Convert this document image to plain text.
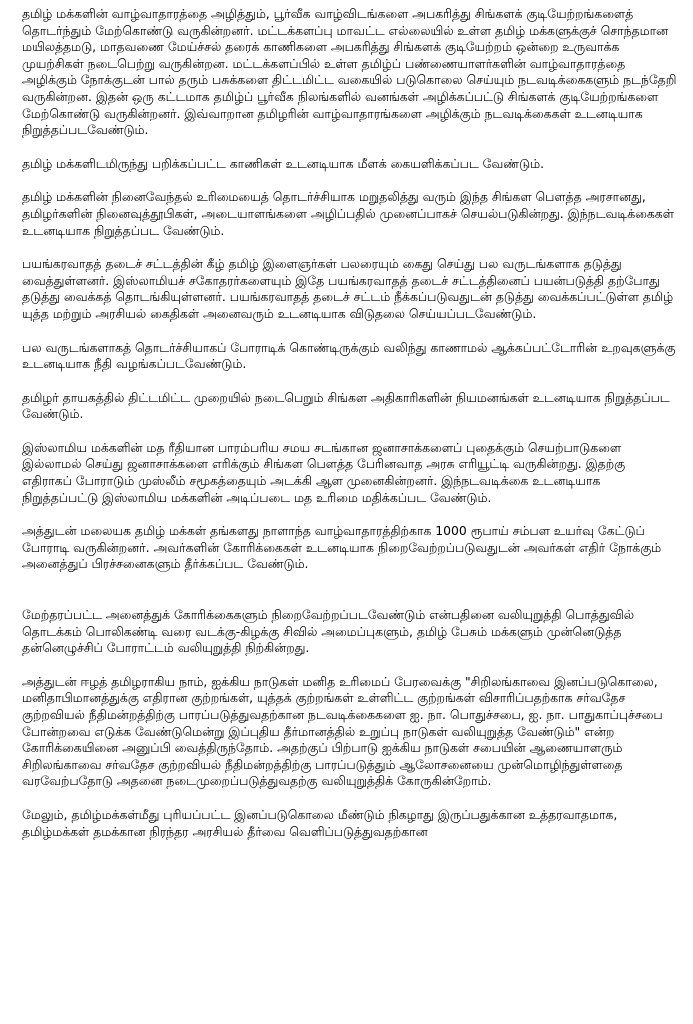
தமிழ் மக்களின் வாழ்வாதாரத்தை அழித்தும், பூர்வீக வாழ்விடங்களை அபகரித்து சிங்களக் குடியேற்றங்களைத் தொடர்ந்தும் மேற்கொண்டு வருகின்றனர். மட்டக்களப்பு மாவட்ட எல்லையில் உள்ள தமிழ் மக்களுக்குச் சொந்தமான மயிலத்தமடு, மாதவணை மேய்ச்சல் தரைக் காணிகளை அபகரித்து சிங்களக் குடியேற்றம் ஒன்றை உருவாக்க முயற்சிகள் நடைபெற்று வருகின்றன. மட்டக்களப்பில் உள்ள தமிழ்ப் பண்ணையாளர்களின் வாழ்வாதாரத்தை அழிக்கும் நோக்குடன் பால் தரும் பசுக்களை திட்டமிட்ட வகையில் படுகொலை செய்யும் நடவடிக்கைகளும் நடந்தேறி வருகின்றன. இதன் ஒரு கட்டமாக தமிழ்ப் பூர்வீக நிலங்களில் வனங்கள் அழிக்கப்பட்டு சிங்களக் குடியேற்றங்களை மேற்கொண்டு வருகின்றனர். இவ்வாறான தமிழரின் வாழ்வாதாரங்களை அழிக்கும் நடவடிக்கைகள் உடனடியாக நிறுத்தப்படவேண்டும்.

தமிழ் மக்களிடமிருந்து பறிக்கப்பட்ட காணிகள் உடனடியாக மீளக் கையளிக்கப்பட வேண்டும்.

தமிழ் மக்களின் நினைவேந்தல் உரிமையைத் தொடர்ச்சியாக மறுதலித்து வரும் இந்த சிங்கள பௌத்த அரசானது, தமிழர்களின் நினைவுத்தூபிகள், அடையாளங்களை அழிப்பதில் முனைப்பாகச் செயல்படுகின்றது. இந்நடவடிக்கைகள் உடனடியாக நிறுத்தப்பட வேண்டும்.

பயங்கரவாதத் தடைச் சட்டத்தின் கீழ் தமிழ் இளைஞர்கள் பலரையும் கைது செய்து பல வருடங்களாக தடுத்து வைத்துள்ளனர். இஸ்லாமியச் சகோதரர்களையும் இதே பயங்கரவாதத் தடைச் சட்டத்தினைப் பயன்படுத்தி தற்போது தடுத்து வைக்கத் தொடங்கியுள்ளனர். பயங்கரவாதத் தடைச் சட்டம் நீக்கப்படுவதுடன் தடுத்து வைக்கப்பட்டுள்ள தமிழ் யுத்த மற்றும் அரசியல் கைதிகள் அனைவரும் உடனடியாக விடுதலை செய்யப்படவேண்டும்.

பல வருடங்களாகத் தொடர்ச்சியாகப் போராடிக் கொண்டிருக்கும் வலிந்து காணாமல் ஆக்கப்பட்டோரின் உறவுகளுக்கு உடனடியாக நீதி வழங்கப்படவேண்டும்.

தமிழர் தாயகத்தில் திட்டமிட்ட முறையில் நடைபெறும் சிங்கள அதிகாரிகளின் நியமனங்கள் உடனடியாக நிறுத்தப்பட வேண்டும்.

இஸ்லாமிய மக்களின் மத ரீதியான பாரம்பரிய சமய சடங்கான ஜனாசாக்களைப் புதைக்கும் செயற்பாடுகளை இல்லாமல் செய்து ஜனாசாக்களை எரிக்கும் சிங்கள பௌத்த பேரினவாத அரசு எரியூட்டி வருகின்றது. இதற்கு எதிராகப் போராடும் முஸ்லீம் சமூகத்தையும் அடக்கி ஆள முனைகின்றனர். இந்நடவடிக்கை உடனடியாக நிறுத்தப்பட்டு இஸ்லாமிய மக்களின் அடிப்படை மத உரிமை மதிக்கப்பட வேண்டும்.

அத்துடன் மலையக தமிழ் மக்கள் தங்களது நாளாந்த வாழ்வாதாரத்திற்காக 1000 ரூபாய் சம்பள உயர்வு கேட்டுப் போராடி வருகின்றனர். அவர்களின் கோரிக்கைகள் உடனடியாக நிறைவேற்றப்படுவதுடன் அவர்கள் எதிர் நோக்கும் அனைத்துப் பிரச்சனைகளும் தீர்க்கப்பட வேண்டும்.

மேற்தரப்பட்ட அனைத்துக் கோரிக்கைகளும் நிறைவேற்றப்படவேண்டும் என்பதினை வலியுறுத்தி பொத்துவில் தொடக்கம் பொலிகண்டி வரை வடக்கு-கிழக்கு சிவில் அமைப்புகளும், தமிழ் பேசும் மக்களும் முன்னெடுத்த தன்னெழுச்சிப் போராட்டம் வலியுறுத்தி நிற்கின்றது.

அத்துடன் ஈழத் தமிழராகிய நாம், ஐக்கிய நாடுகள் மனித உரிமைப் பேரவைக்கு "சிறிலங்காவை இனப்படுகொலை, மனிதாபிமானத்துக்கு எதிரான குற்றங்கள், யுத்தக் குற்றங்கள் உள்ளிட்ட குற்றங்கள் விசாரிப்பதற்காக சர்வதேச குற்றவியல் நீதிமன்றத்திற்கு பாரப்படுத்துவதற்கான நடவடிக்கைகளை ஐ. நா. பொதுச்சபை, ஐ. நா. பாதுகாப்புச்சபை போன்றவை எடுக்க வேண்டுமென்று இப்புதிய தீர்மானத்தில் உறுப்பு நாடுகள் வலியுறுத்த வேண்டும்" என்ற கோரிக்கையினை அனுப்பி வைத்திருந்தோம். அதற்குப் பிற்பாடு ஐக்கிய நாடுகள் சபையின் ஆணையாளரும் சிறிலங்காவை சர்வதேச குற்றவியல் நீதிமன்றத்திற்கு பாரப்படுத்தும் ஆலோசனையை முன்மொழிந்துள்ளதை வரவேற்பதோடு அதனை நடைமுறைப்படுத்துவதற்கு வலியுறுத்திக் கோருகின்றோம்.

மேலும், தமிழ்மக்கள்மீது புரியப்பட்ட இனப்படுகொலை மீண்டும் நிகழாது இருப்பதுக்கான உத்தரவாதமாக, தமிழ்மக்கள் தமக்கான நிரந்தர அரசியல் தீர்வை வெளிப்படுத்துவதற்கான
